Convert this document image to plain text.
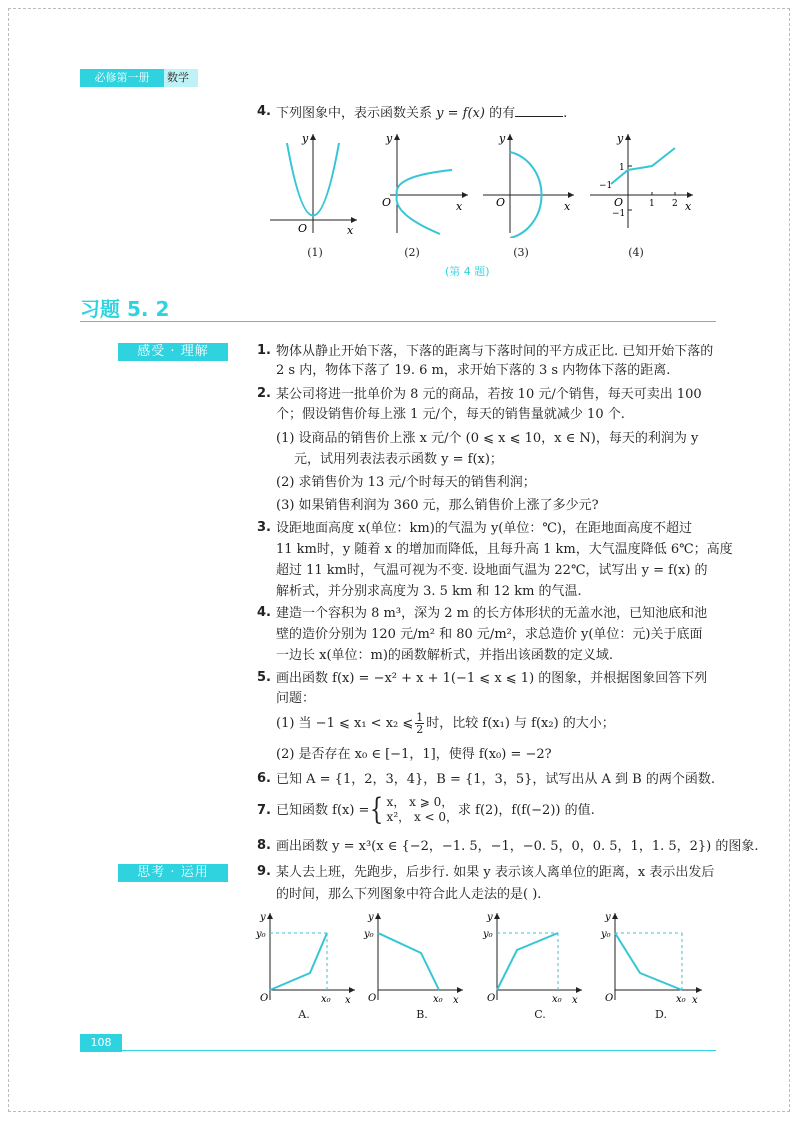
必修第一册	数学
4. 下列图象中，表示函数关系 y = f(x) 的有	.
O	x
y
O	x
y
O	x
y
1
−1
O	1 2 x
−1
y
(1)	(2)	(3)	(4)
(第 4 题)
习题 5. 2
感受 · 理解	1. 物体从静止开始下落，下落的距离与下落时间的平方成正比. 已知开始下落的
2 s 内，物体下落了 19. 6 m，求开始下落的 3 s 内物体下落的距离.
2. 某公司将进一批单价为 8 元的商品，若按 10 元/个销售，每天可卖出 100
个；假设销售价每上涨 1 元/个，每天的销售量就减少 10 个.
(1) 设商品的销售价上涨 x 元/个 (0 ⩽ x ⩽ 10，x ∈ N)，每天的利润为 y
元，试用列表法表示函数 y = f(x)；
(2) 求销售价为 13 元/个时每天的销售利润；
(3) 如果销售利润为 360 元，那么销售价上涨了多少元?
3. 设距地面高度 x(单位：km)的气温为 y(单位：℃)，在距地面高度不超过
11 km时，y 随着 x 的增加而降低，且每升高 1 km，大气温度降低 6℃；高度
超过 11 km时，气温可视为不变. 设地面气温为 22℃，试写出 y = f(x) 的
解析式，并分别求高度为 3. 5 km 和 12 km 的气温.
4. 建造一个容积为 8 m³，深为 2 m 的长方体形状的无盖水池，已知池底和池
壁的造价分别为 120 元/m² 和 80 元/m²，求总造价 y(单位：元)关于底面
一边长 x(单位：m)的函数解析式，并指出该函数的定义域.
5. 画出函数 f(x) = −x² + x + 1(−1 ⩽ x ⩽ 1) 的图象，并根据图象回答下列
问题：
(1) 当 −1 ⩽ x₁ < x₂ ⩽ $\frac{1}{2}$ 时，比较 f(x₁) 与 f(x₂) 的大小；
(2) 是否存在 x₀ ∈ [−1，1]，使得 f(x₀) = −2?
6. 已知 A = {1，2，3，4}，B = {1，3，5}，试写出从 A 到 B 的两个函数.
7. 已知函数 f(x) = { x， x ⩾ 0，
x²， x < 0， 求 f(2)，f(f(−2)) 的值.
8. 画出函数 y = x³(x ∈ {−2，−1. 5，−1，−0. 5，0，0. 5，1，1. 5，2}) 的图象.
思考 · 运用	9. 某人去上班，先跑步，后步行. 如果 y 表示该人离单位的距离，x 表示出发后
的时间，那么下列图象中符合此人走法的是( ).
y
y₀
O	x₀ x
y
y₀
O	x₀ x
y
y₀
O	x₀ x
y
y₀
O	x₀ x
A.	B.	C.	D.
108
